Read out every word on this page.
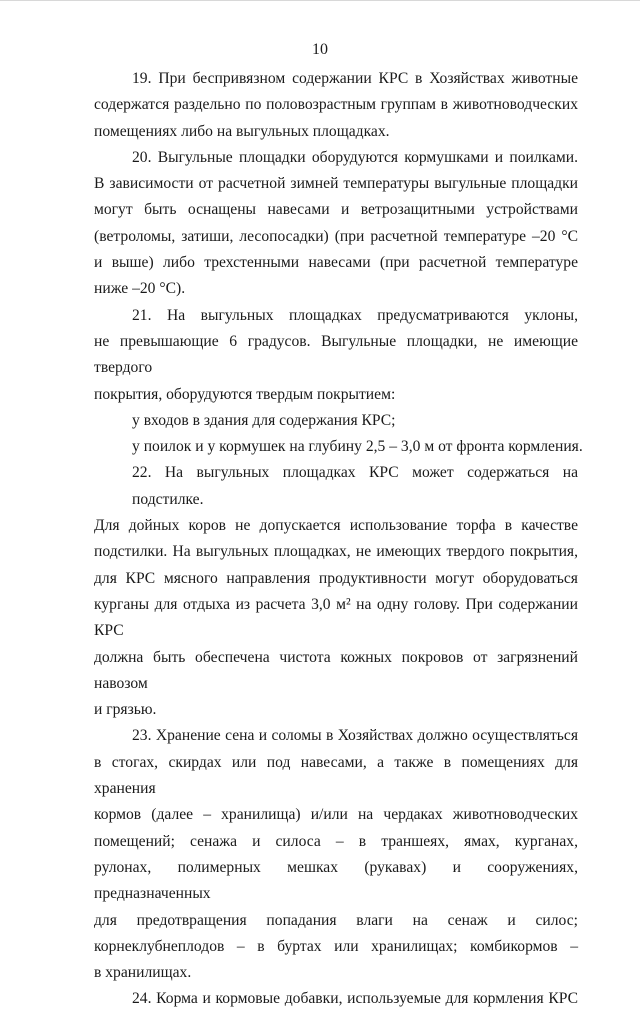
10
19. При беспривязном содержании КРС в Хозяйствах животные
содержатся раздельно по половозрастным группам в животноводческих
помещениях либо на выгульных площадках.
20. Выгульные площадки оборудуются кормушками и поилками.
В зависимости от расчетной зимней температуры выгульные площадки
могут быть оснащены навесами и ветрозащитными устройствами
(ветроломы, затиши, лесопосадки) (при расчетной температуре –20 °С
и выше) либо трехстенными навесами (при расчетной температуре
ниже –20 °С).
21. На выгульных площадках предусматриваются уклоны,
не превышающие 6 градусов. Выгульные площадки, не имеющие твердого
покрытия, оборудуются твердым покрытием:
у входов в здания для содержания КРС;
у поилок и у кормушек на глубину 2,5 – 3,0 м от фронта кормления.
22. На выгульных площадках КРС может содержаться на подстилке.
Для дойных коров не допускается использование торфа в качестве
подстилки. На выгульных площадках, не имеющих твердого покрытия,
для КРС мясного направления продуктивности могут оборудоваться
курганы для отдыха из расчета 3,0 м² на одну голову. При содержании КРС
должна быть обеспечена чистота кожных покровов от загрязнений навозом
и грязью.
23. Хранение сена и соломы в Хозяйствах должно осуществляться
в стогах, скирдах или под навесами, а также в помещениях для хранения
кормов (далее – хранилища) и/или на чердаках животноводческих
помещений; сенажа и силоса – в траншеях, ямах, курганах,
рулонах, полимерных мешках (рукавах) и сооружениях, предназначенных
для предотвращения попадания влаги на сенаж и силос;
корнеклубнеплодов – в буртах или хранилищах; комбикормов –
в хранилищах.
24. Корма и кормовые добавки, используемые для кормления КРС
